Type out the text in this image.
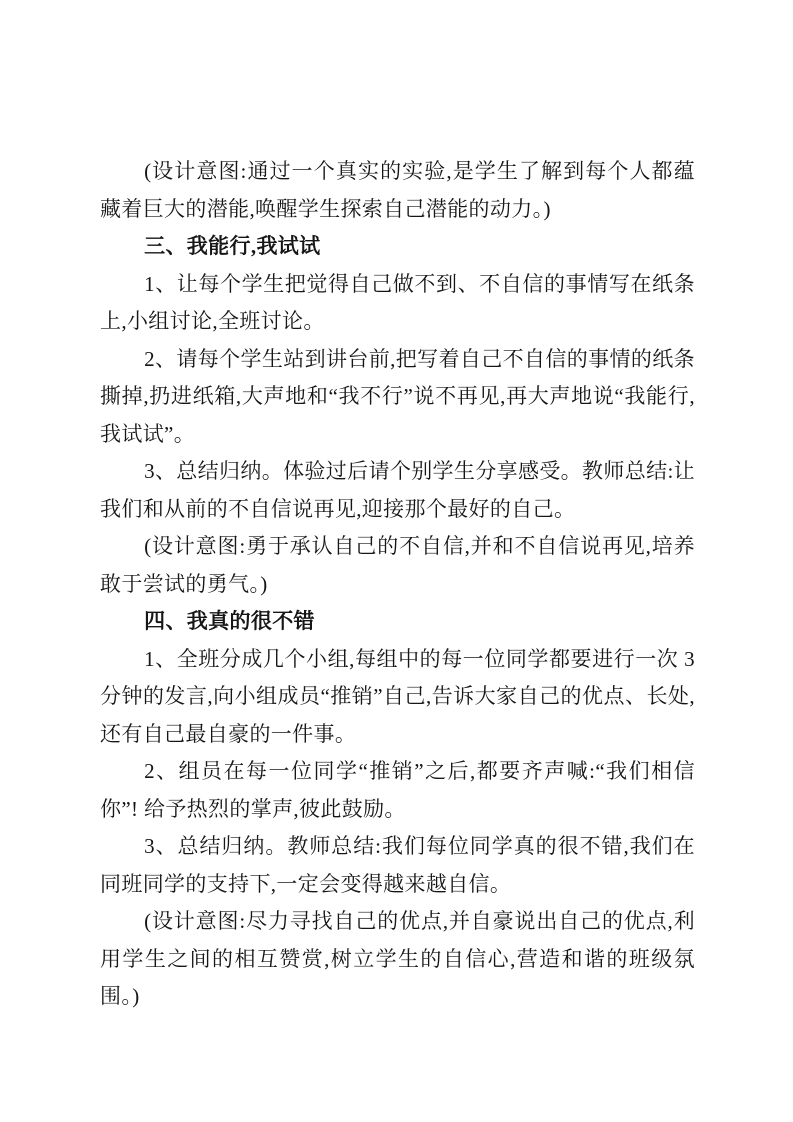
(设计意图:通过一个真实的实验,是学生了解到每个人都蕴藏着巨大的潜能,唤醒学生探索自己潜能的动力。)

三、我能行,我试试

1、让每个学生把觉得自己做不到、不自信的事情写在纸条上,小组讨论,全班讨论。

2、请每个学生站到讲台前,把写着自己不自信的事情的纸条撕掉,扔进纸箱,大声地和“我不行”说不再见,再大声地说“我能行,我试试”。

3、总结归纳。体验过后请个别学生分享感受。教师总结:让我们和从前的不自信说再见,迎接那个最好的自己。

(设计意图:勇于承认自己的不自信,并和不自信说再见,培养敢于尝试的勇气。)

四、我真的很不错

1、全班分成几个小组,每组中的每一位同学都要进行一次 3 分钟的发言,向小组成员“推销”自己,告诉大家自己的优点、长处,还有自己最自豪的一件事。

2、组员在每一位同学“推销”之后,都要齐声喊:“我们相信你”! 给予热烈的掌声,彼此鼓励。

3、总结归纳。教师总结:我们每位同学真的很不错,我们在同班同学的支持下,一定会变得越来越自信。

(设计意图:尽力寻找自己的优点,并自豪说出自己的优点,利用学生之间的相互赞赏,树立学生的自信心,营造和谐的班级氛围。)
